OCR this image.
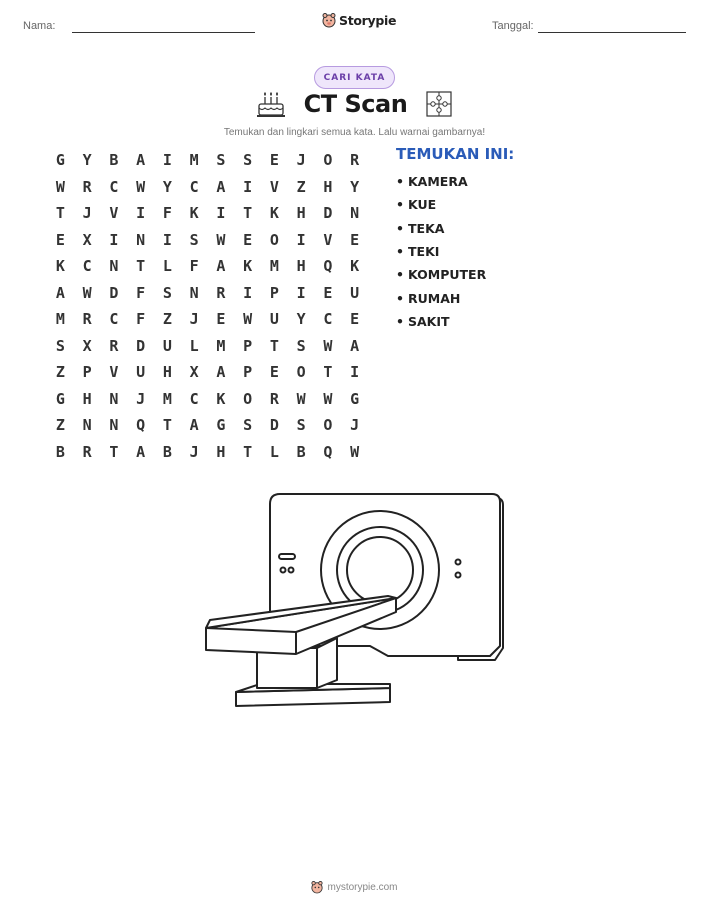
Nama:	Storypie	Tanggal:
CARI KATA
CT Scan
Temukan dan lingkari semua kata. Lalu warnai gambarnya!
G	Y	B	A	I	M	S	S	E	J	O	R
W	R	C	W	Y	C	A	I	V	Z	H	Y
T	J	V	I	F	K	I	T	K	H	D	N
E	X	I	N	I	S	W	E	O	I	V	E
K	C	N	T	L	F	A	K	M	H	Q	K
A	W	D	F	S	N	R	I	P	I	E	U
M	R	C	F	Z	J	E	W	U	Y	C	E
S	X	R	D	U	L	M	P	T	S	W	A
Z	P	V	U	H	X	A	P	E	O	T	I
G	H	N	J	M	C	K	O	R	W	W	G
Z	N	N	Q	T	A	G	S	D	S	O	J
B	R	T	A	B	J	H	T	L	B	Q	W
TEMUKAN INI:
• KAMERA
• KUE
• TEKA
• TEKI
• KOMPUTER
• RUMAH
• SAKIT
mystorypie.com
